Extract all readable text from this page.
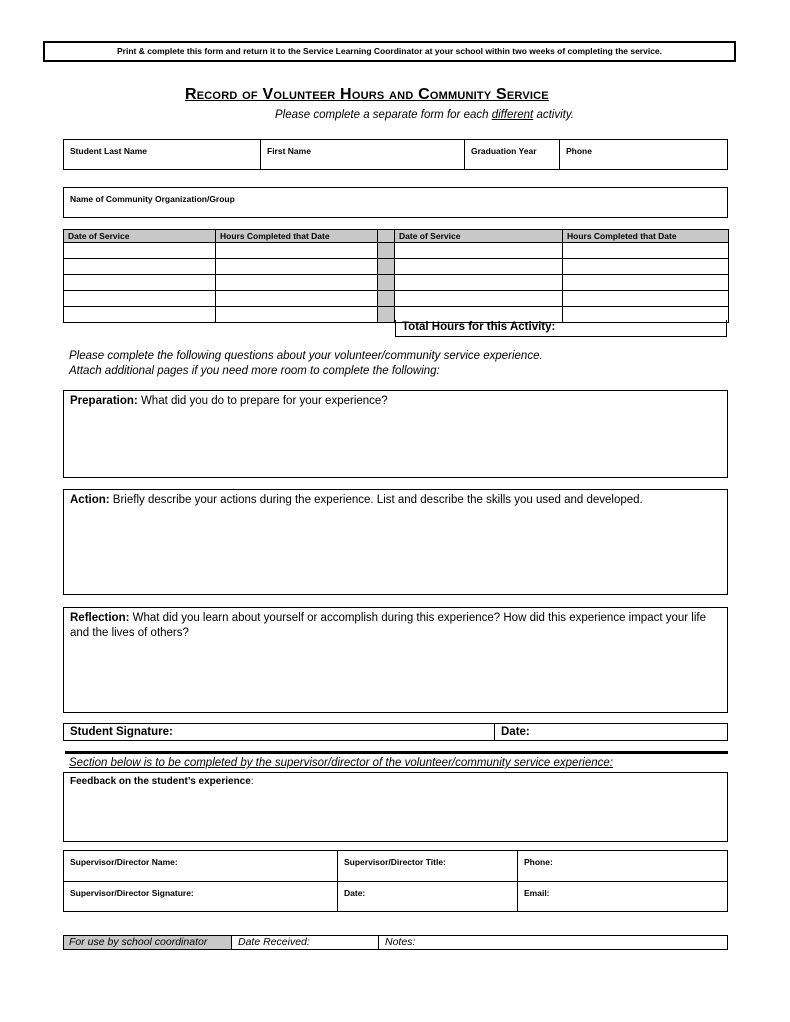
Print & complete this form and return it to the Service Learning Coordinator at your school within two weeks of completing the service.
Record of Volunteer Hours and Community Service
Please complete a separate form for each different activity.
Student Last Name	First Name	Graduation Year	Phone
Name of Community Organization/Group
Date of Service	Hours Completed that Date		Date of Service	Hours Completed that Date

Total Hours for this Activity:
Please complete the following questions about your volunteer/community service experience.
Attach additional pages if you need more room to complete the following:
Preparation: What did you do to prepare for your experience?
Action: Briefly describe your actions during the experience. List and describe the skills you used and developed.
Reflection: What did you learn about yourself or accomplish during this experience? How did this experience impact your life and the lives of others?
Student Signature:	Date:
Section below is to be completed by the supervisor/director of the volunteer/community service experience:
Feedback on the student’s experience:
Supervisor/Director Name:	Supervisor/Director Title:	Phone:
Supervisor/Director Signature:	Date:	Email:
For use by school coordinator	Date Received:	Notes:
